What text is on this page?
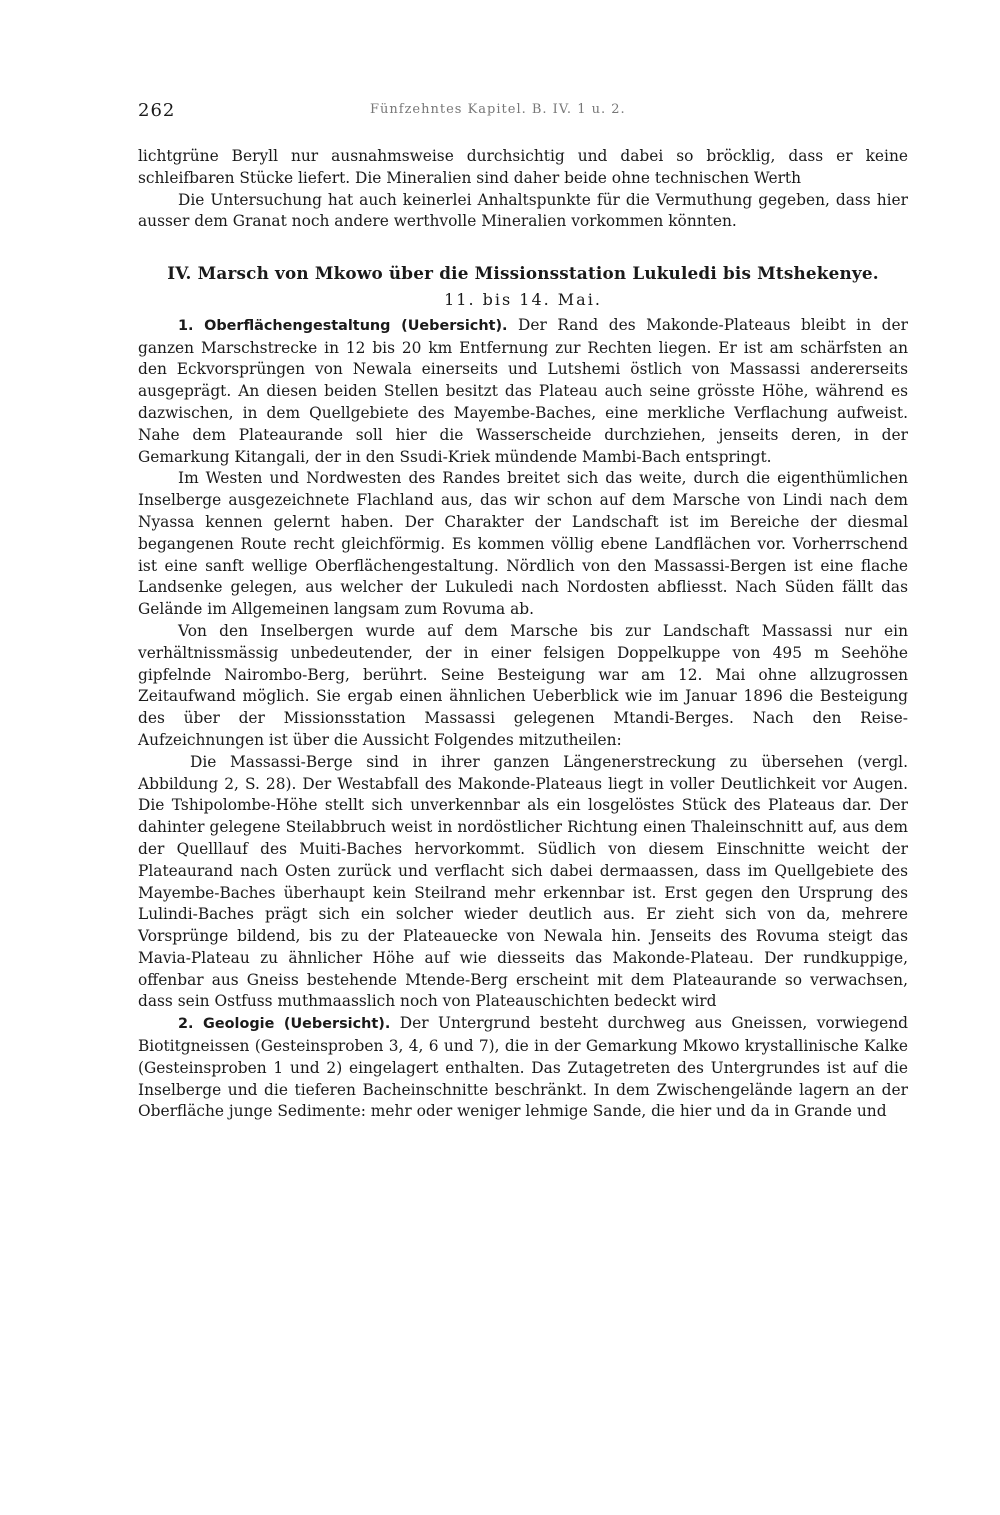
262	Fünfzehntes Kapitel. B. IV. 1 u. 2.

lichtgrüne Beryll nur ausnahmsweise durchsichtig und dabei so bröcklig, dass er keine schleifbaren Stücke liefert. Die Mineralien sind daher beide ohne technischen Werth

Die Untersuchung hat auch keinerlei Anhaltspunkte für die Vermuthung gegeben, dass hier ausser dem Granat noch andere werthvolle Mineralien vorkommen könnten.

IV. Marsch von Mkowo über die Missionsstation Lukuledi bis Mtshekenye.
11. bis 14. Mai.

1. Oberflächengestaltung (Uebersicht). Der Rand des Makonde-Plateaus bleibt in der ganzen Marschstrecke in 12 bis 20 km Entfernung zur Rechten liegen. Er ist am schärfsten an den Eckvorsprüngen von Newala einerseits und Lutshemi östlich von Massassi andererseits ausgeprägt. An diesen beiden Stellen besitzt das Plateau auch seine grösste Höhe, während es dazwischen, in dem Quellgebiete des Mayembe-Baches, eine merkliche Verflachung aufweist. Nahe dem Plateaurande soll hier die Wasserscheide durchziehen, jenseits deren, in der Gemarkung Kitangali, der in den Ssudi-Kriek mündende Mambi-Bach entspringt.

Im Westen und Nordwesten des Randes breitet sich das weite, durch die eigenthümlichen Inselberge ausgezeichnete Flachland aus, das wir schon auf dem Marsche von Lindi nach dem Nyassa kennen gelernt haben. Der Charakter der Landschaft ist im Bereiche der diesmal begangenen Route recht gleichförmig. Es kommen völlig ebene Landflächen vor. Vorherrschend ist eine sanft wellige Oberflächengestaltung. Nördlich von den Massassi-Bergen ist eine flache Landsenke gelegen, aus welcher der Lukuledi nach Nordosten abfliesst. Nach Süden fällt das Gelände im Allgemeinen langsam zum Rovuma ab.

Von den Inselbergen wurde auf dem Marsche bis zur Landschaft Massassi nur ein verhältnissmässig unbedeutender, der in einer felsigen Doppelkuppe von 495 m Seehöhe gipfelnde Nairombo-Berg, berührt. Seine Besteigung war am 12. Mai ohne allzugrossen Zeitaufwand möglich. Sie ergab einen ähnlichen Ueberblick wie im Januar 1896 die Besteigung des über der Missionsstation Massassi gelegenen Mtandi-Berges. Nach den Reise-Aufzeichnungen ist über die Aussicht Folgendes mitzutheilen:

Die Massassi-Berge sind in ihrer ganzen Längenerstreckung zu übersehen (vergl. Abbildung 2, S. 28). Der Westabfall des Makonde-Plateaus liegt in voller Deutlichkeit vor Augen. Die Tshipolombe-Höhe stellt sich unverkennbar als ein losgelöstes Stück des Plateaus dar. Der dahinter gelegene Steilabbruch weist in nordöstlicher Richtung einen Thaleinschnitt auf, aus dem der Quelllauf des Muiti-Baches hervorkommt. Südlich von diesem Einschnitte weicht der Plateaurand nach Osten zurück und verflacht sich dabei dermaassen, dass im Quellgebiete des Mayembe-Baches überhaupt kein Steilrand mehr erkennbar ist. Erst gegen den Ursprung des Lulindi-Baches prägt sich ein solcher wieder deutlich aus. Er zieht sich von da, mehrere Vorsprünge bildend, bis zu der Plateauecke von Newala hin. Jenseits des Rovuma steigt das Mavia-Plateau zu ähnlicher Höhe auf wie diesseits das Makonde-Plateau. Der rundkuppige, offenbar aus Gneiss bestehende Mtende-Berg erscheint mit dem Plateaurande so verwachsen, dass sein Ostfuss muthmaasslich noch von Plateauschichten bedeckt wird

2. Geologie (Uebersicht). Der Untergrund besteht durchweg aus Gneissen, vorwiegend Biotitgneissen (Gesteinsproben 3, 4, 6 und 7), die in der Gemarkung Mkowo krystallinische Kalke (Gesteinsproben 1 und 2) eingelagert enthalten. Das Zutagetreten des Untergrundes ist auf die Inselberge und die tieferen Bacheinschnitte beschränkt. In dem Zwischengelände lagern an der Oberfläche junge Sedimente: mehr oder weniger lehmige Sande, die hier und da in Grande und
